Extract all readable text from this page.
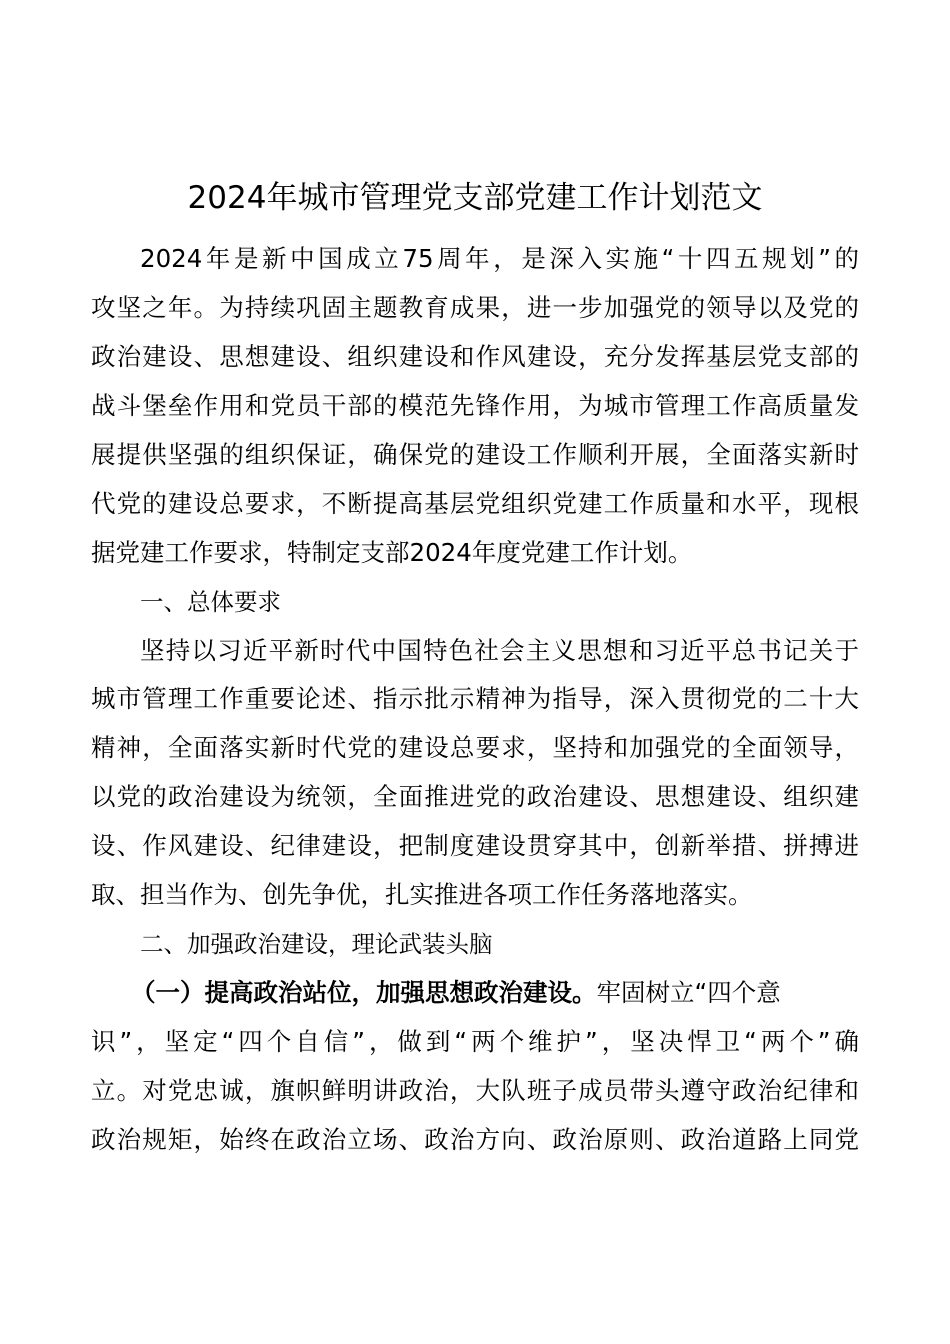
2024年城市管理党支部党建工作计划范文
2024年是新中国成立75周年，是深入实施“十四五规划”的
攻坚之年。为持续巩固主题教育成果，进一步加强党的领导以及党的
政治建设、思想建设、组织建设和作风建设，充分发挥基层党支部的
战斗堡垒作用和党员干部的模范先锋作用，为城市管理工作高质量发
展提供坚强的组织保证，确保党的建设工作顺利开展，全面落实新时
代党的建设总要求，不断提高基层党组织党建工作质量和水平，现根
据党建工作要求，特制定支部2024年度党建工作计划。
一、总体要求
坚持以习近平新时代中国特色社会主义思想和习近平总书记关于
城市管理工作重要论述、指示批示精神为指导，深入贯彻党的二十大
精神，全面落实新时代党的建设总要求，坚持和加强党的全面领导，
以党的政治建设为统领，全面推进党的政治建设、思想建设、组织建
设、作风建设、纪律建设，把制度建设贯穿其中，创新举措、拼搏进
取、担当作为、创先争优，扎实推进各项工作任务落地落实。
二、加强政治建设，理论武装头脑
（一）提高政治站位，加强思想政治建设。牢固树立“四个意
识”，坚定“四个自信”，做到“两个维护”，坚决悍卫“两个”确
立。对党忠诚，旗帜鲜明讲政治，大队班子成员带头遵守政治纪律和
政治规矩，始终在政治立场、政治方向、政治原则、政治道路上同党
